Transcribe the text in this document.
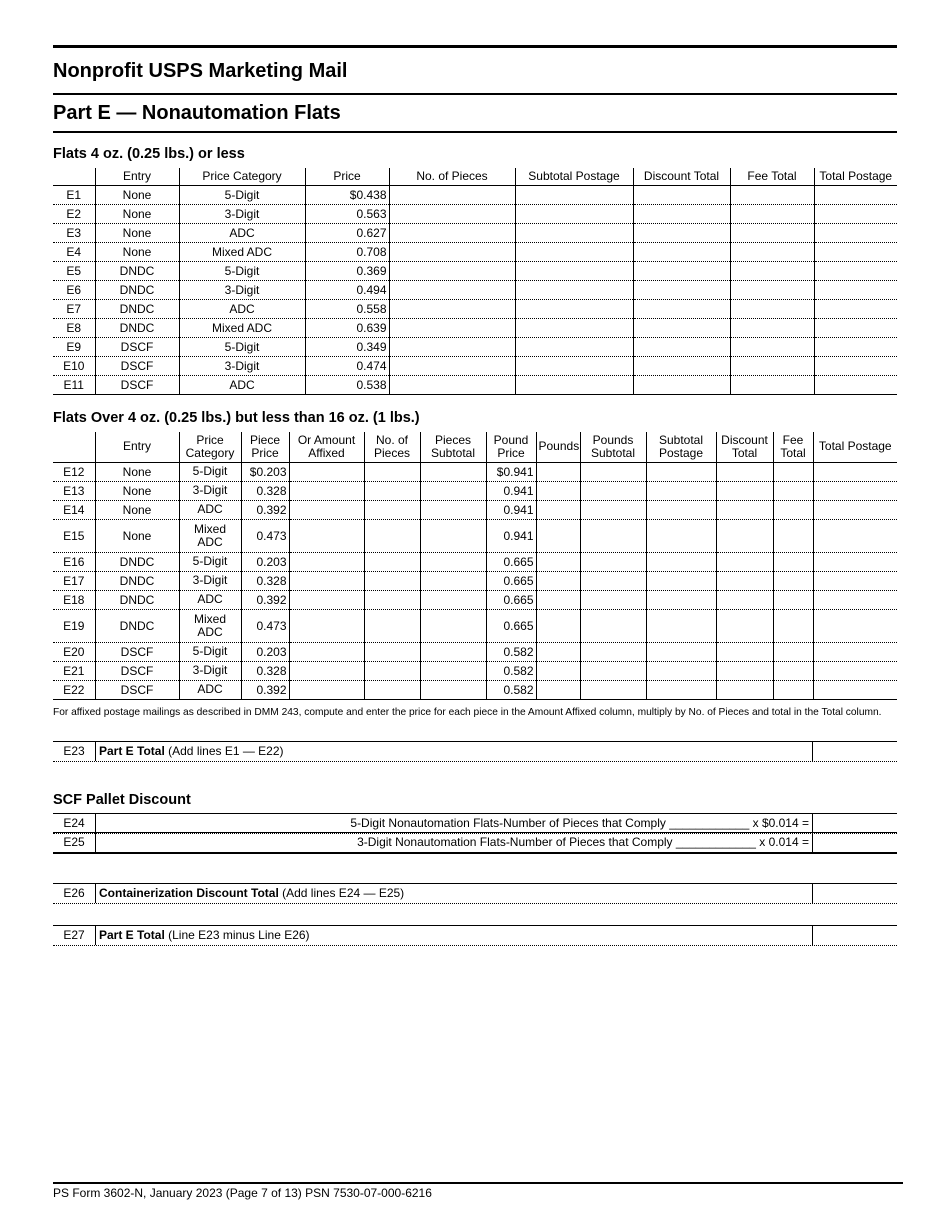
Nonprofit USPS Marketing Mail
Part E — Nonautomation Flats
Flats 4 oz. (0.25 lbs.) or less
	Entry	Price Category	Price	No. of Pieces	Subtotal Postage	Discount Total	Fee Total	Total Postage
E1	None	5-Digit	$0.438					
E2	None	3-Digit	0.563					
E3	None	ADC	0.627					
E4	None	Mixed ADC	0.708					
E5	DNDC	5-Digit	0.369					
E6	DNDC	3-Digit	0.494					
E7	DNDC	ADC	0.558					
E8	DNDC	Mixed ADC	0.639					
E9	DSCF	5-Digit	0.349					
E10	DSCF	3-Digit	0.474					
E11	DSCF	ADC	0.538					
Flats Over 4 oz. (0.25 lbs.) but less than 16 oz. (1 lbs.)
	Entry	Price Category	Piece Price	Or Amount Affixed	No. of Pieces	Pieces Subtotal	Pound Price	Pounds	Pounds Subtotal	Subtotal Postage	Discount Total	Fee Total	Total Postage
E12	None	5-Digit	$0.203				$0.941						
E13	None	3-Digit	0.328				0.941						
E14	None	ADC	0.392				0.941						
E15	None	Mixed ADC	0.473				0.941						
E16	DNDC	5-Digit	0.203				0.665						
E17	DNDC	3-Digit	0.328				0.665						
E18	DNDC	ADC	0.392				0.665						
E19	DNDC	Mixed ADC	0.473				0.665						
E20	DSCF	5-Digit	0.203				0.582						
E21	DSCF	3-Digit	0.328				0.582						
E22	DSCF	ADC	0.392				0.582						
For affixed postage mailings as described in DMM 243, compute and enter the price for each piece in the Amount Affixed column, multiply by No. of Pieces and total in the Total column.
E23	Part E Total (Add lines E1 — E22)
SCF Pallet Discount
E24	5-Digit Nonautomation Flats-Number of Pieces that Comply ____________ x $0.014 =
E25	3-Digit Nonautomation Flats-Number of Pieces that Comply ____________ x 0.014 =
E26	Containerization Discount Total (Add lines E24 — E25)
E27	Part E Total (Line E23 minus Line E26)
PS Form 3602-N, January 2023 (Page 7 of 13) PSN 7530-07-000-6216
